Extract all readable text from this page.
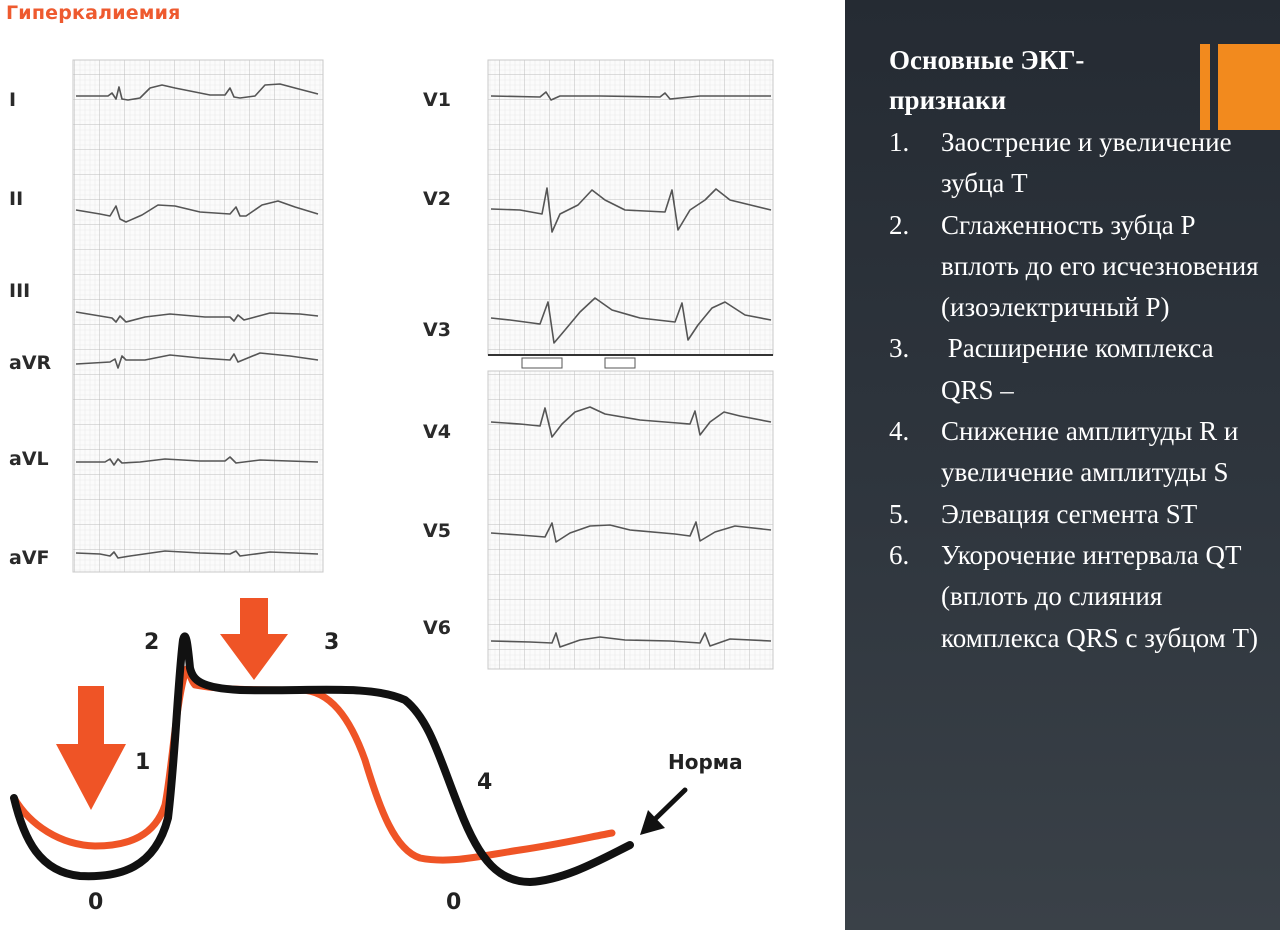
Гиперкалиемия
I
II
III
aVR
aVL
aVF
V1
V2
V3
V4
V5
V6
2	3
1
4
0	0
Норма
Основные ЭКГ-признаки
1.	Заострение и увеличение зубца Т
2.	Сглаженность зубца Р вплоть до его исчезновения (изоэлектричный Р)
3.	Расширение комплекса QRS –
4.	Снижение амплитуды R и увеличение амплитуды S
5.	Элевация сегмента ST
6.	Укорочение интервала QT (вплоть до слияния комплекса QRS с зубцом Т)
